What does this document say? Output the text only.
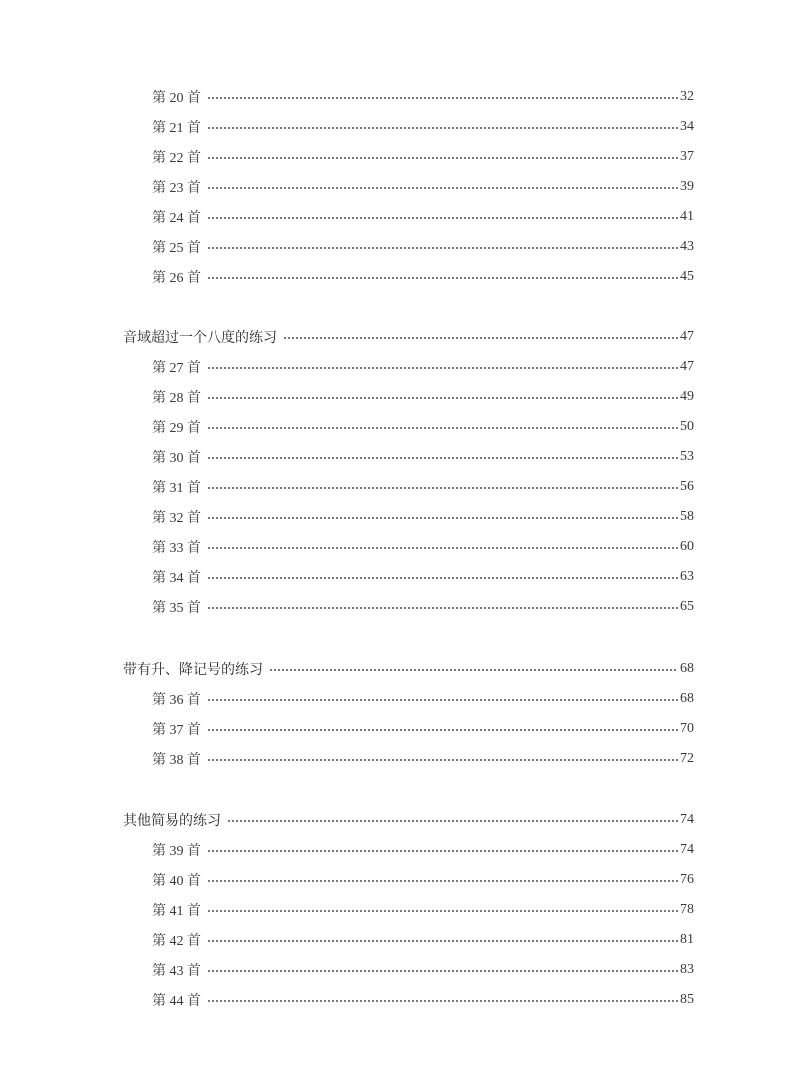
第 20 首	32
第 21 首	34
第 22 首	37
第 23 首	39
第 24 首	41
第 25 首	43
第 26 首	45
音域超过一个八度的练习	47
第 27 首	47
第 28 首	49
第 29 首	50
第 30 首	53
第 31 首	56
第 32 首	58
第 33 首	60
第 34 首	63
第 35 首	65
带有升、降记号的练习	68
第 36 首	68
第 37 首	70
第 38 首	72
其他简易的练习	74
第 39 首	74
第 40 首	76
第 41 首	78
第 42 首	81
第 43 首	83
第 44 首	85
